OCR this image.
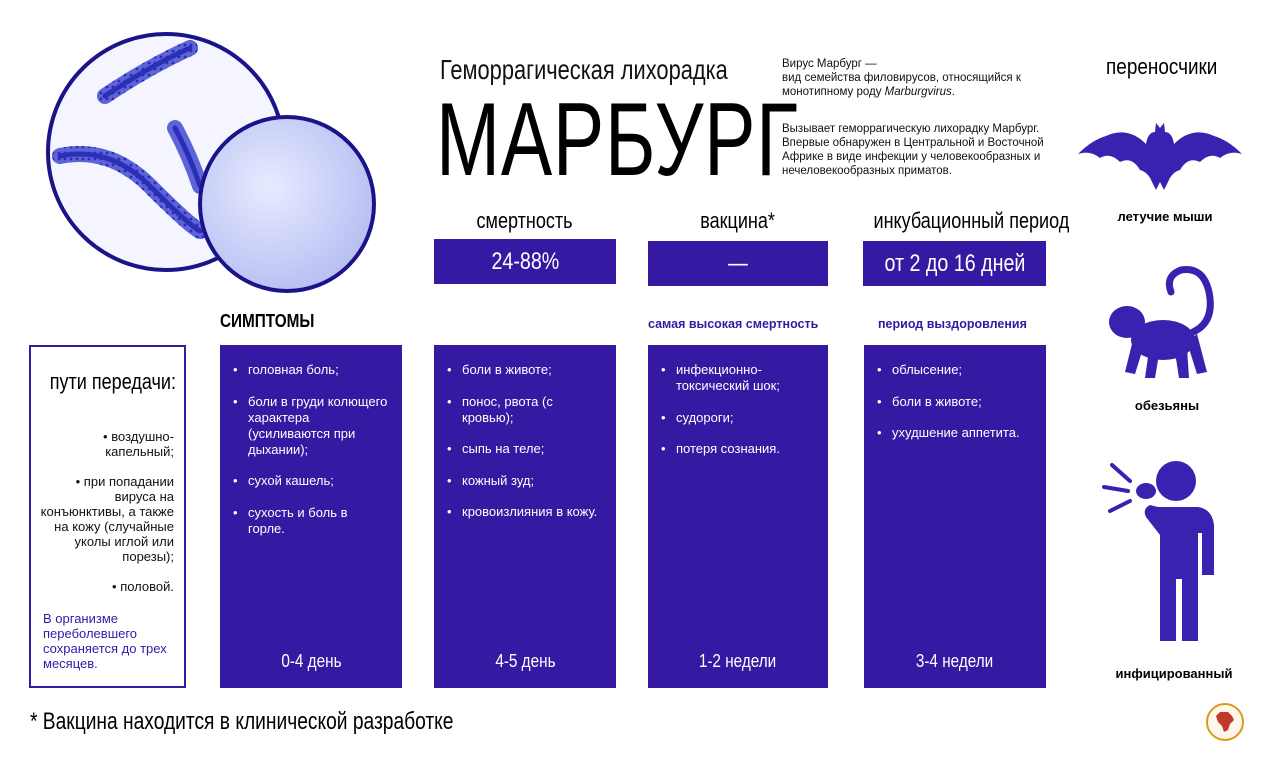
Геморрагическая лихорадка
МАРБУРГ
Вирус Марбург —
вид семейства филовирусов, относящийся к
монотипному роду Marburgvirus.
Вызывает геморрагическую лихорадку Марбург. Впервые обнаружен в Центральной и Восточной Африке в виде инфекции у человекообразных и нечеловекообразных приматов.
смертность
24-88%
вакцина*
—
инкубационный период
от 2 до 16 дней
СИМПТОМЫ	самая высокая смертность	период выздоровления
пути передачи:
• воздушно-капельный;
• при попадании вируса на конъюнктивы, а также на кожу (случайные уколы иглой или порезы);
• половой.
В организме переболевшего сохраняется до трех месяцев.
• головная боль;
• боли в груди колющего характера (усиливаются при дыхании);
• сухой кашель;
• сухость и боль в горле.
0-4 день
• боли в животе;
• понос, рвота (с кровью);
• сыпь на теле;
• кожный зуд;
• кровоизлияния в кожу.
4-5 день
• инфекционно-токсический шок;
• судороги;
• потеря сознания.
1-2 недели
• облысение;
• боли в животе;
• ухудшение аппетита.
3-4 недели
переносчики
летучие мыши
обезьяны
инфицированный
* Вакцина находится в клинической разработке
